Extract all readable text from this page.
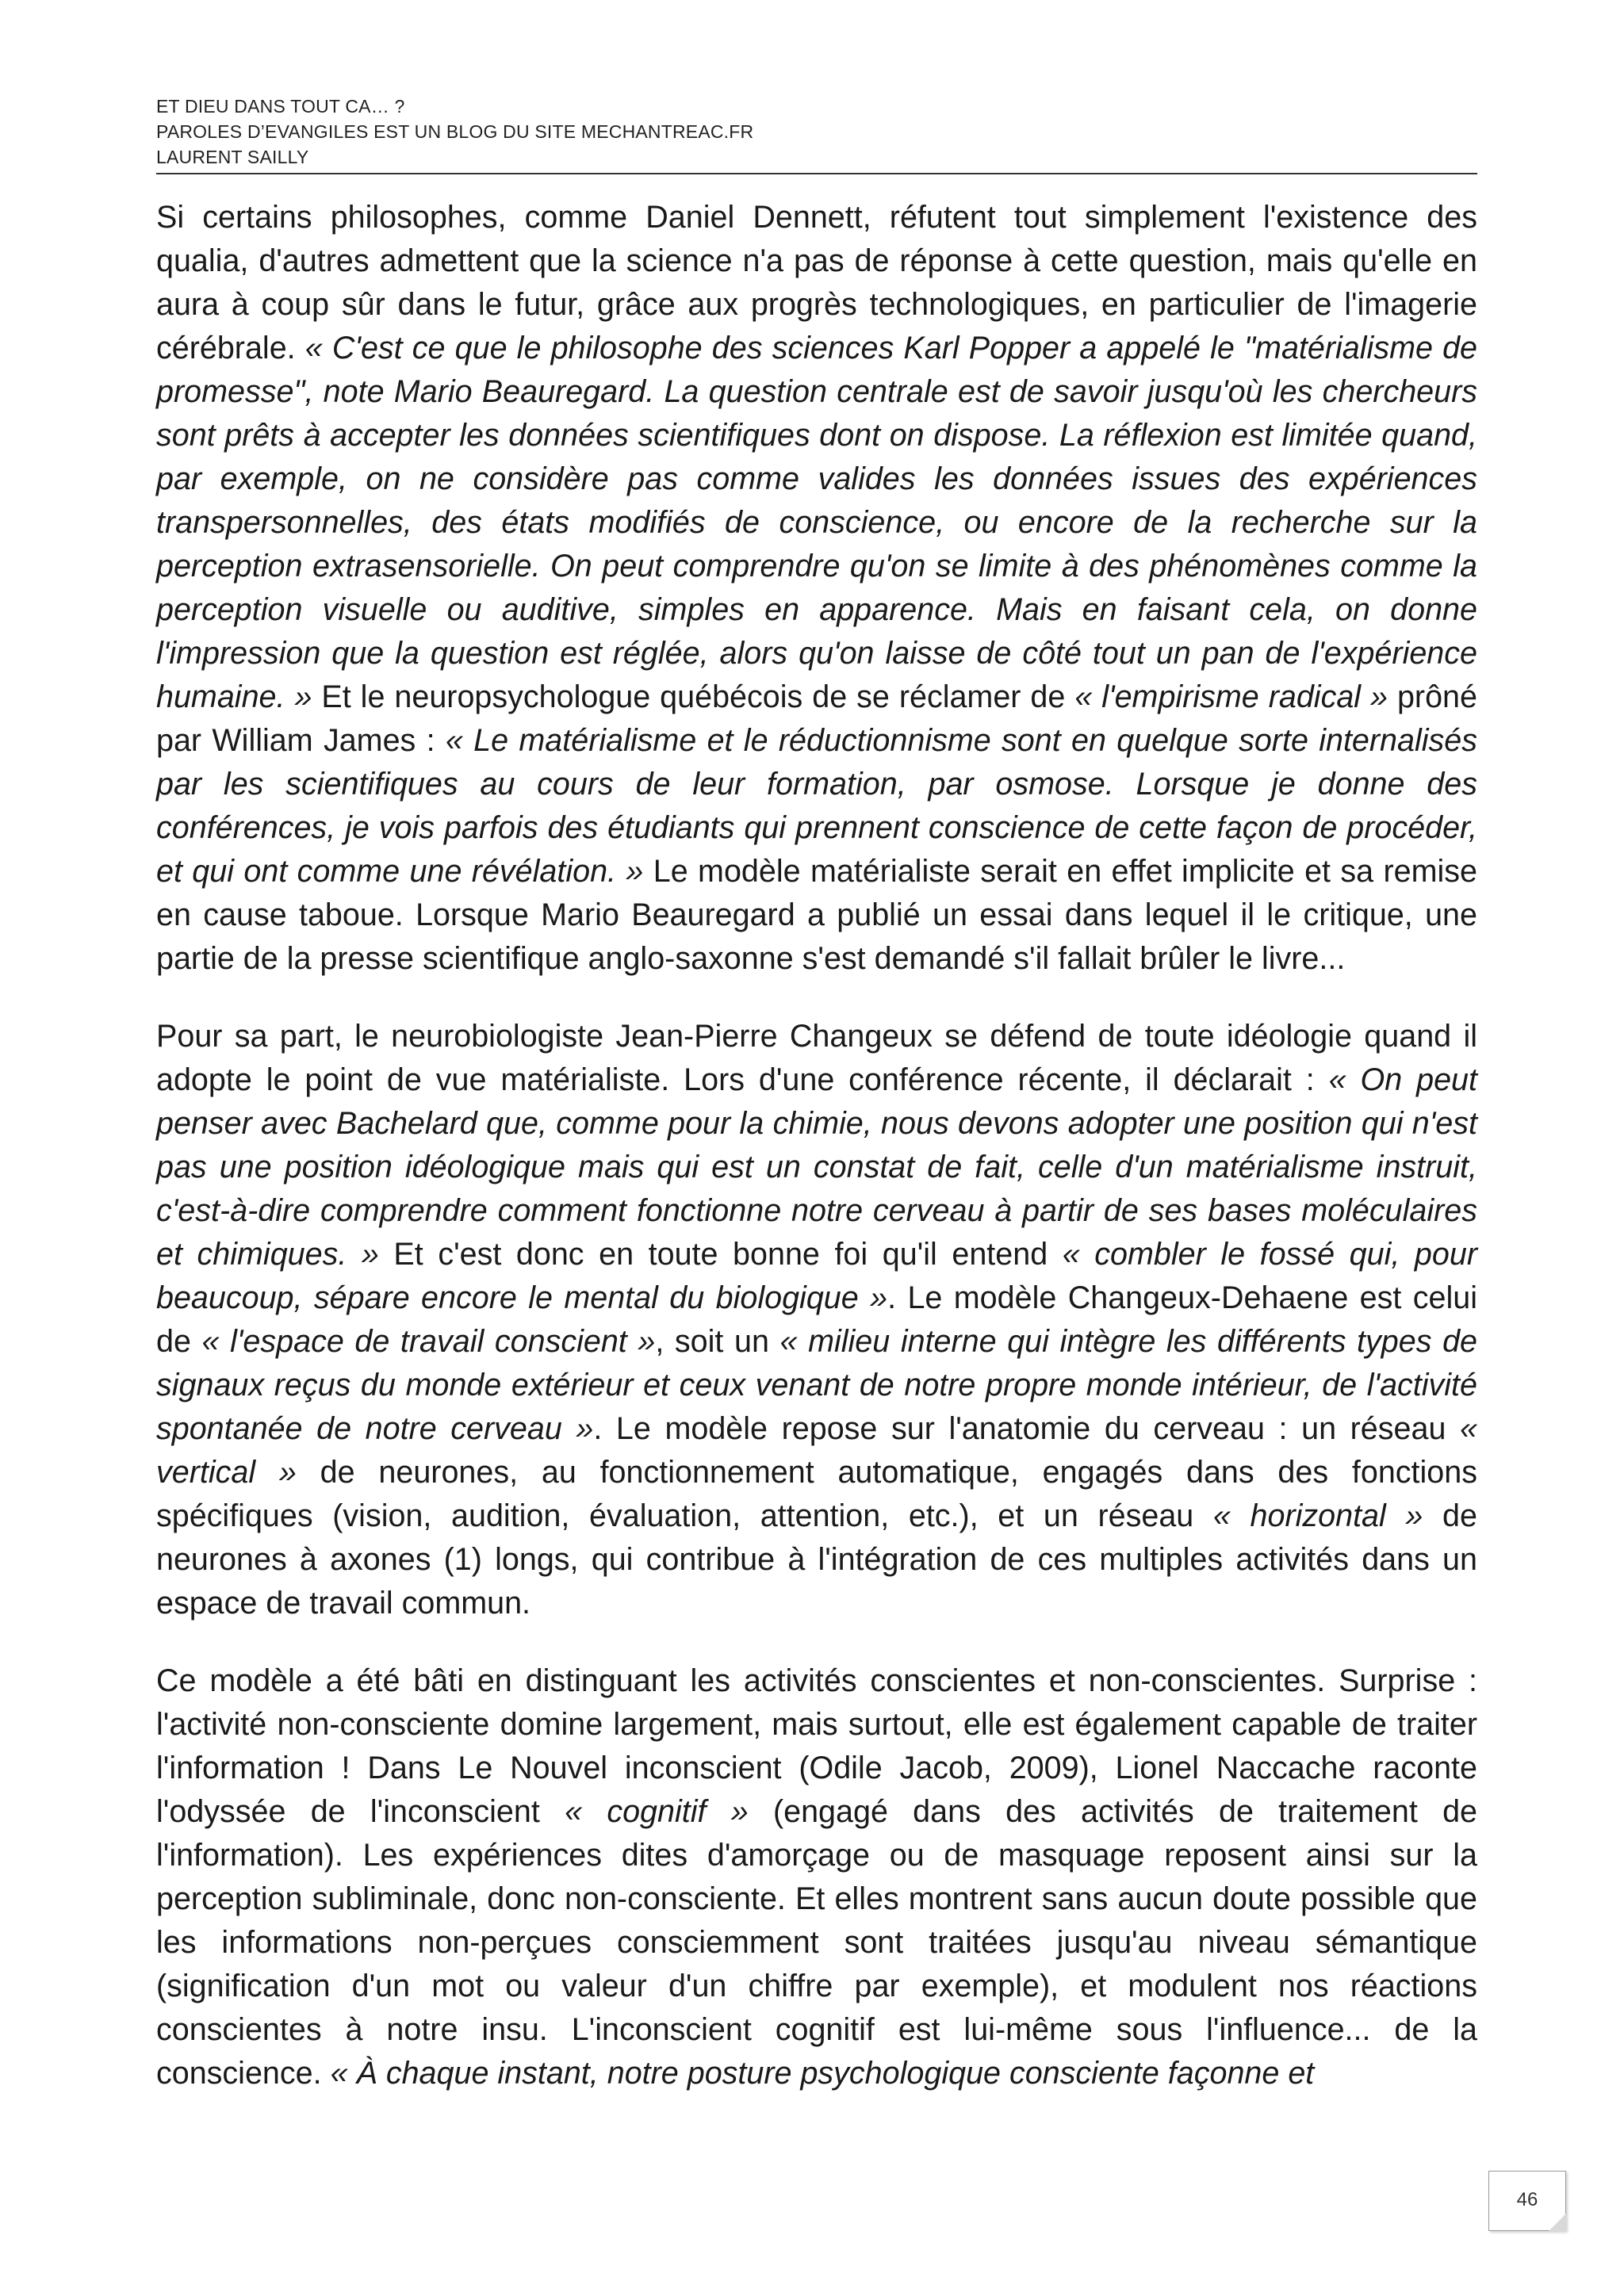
ET DIEU DANS TOUT CA… ?
PAROLES D’EVANGILES EST UN BLOG DU SITE MECHANTREAC.FR
LAURENT SAILLY

Si certains philosophes, comme Daniel Dennett, réfutent tout simplement l'existence des qualia, d'autres admettent que la science n'a pas de réponse à cette question, mais qu'elle en aura à coup sûr dans le futur, grâce aux progrès technologiques, en particulier de l'imagerie cérébrale. « C'est ce que le philosophe des sciences Karl Popper a appelé le "matérialisme de promesse", note Mario Beauregard. La question centrale est de savoir jusqu'où les chercheurs sont prêts à accepter les données scientifiques dont on dispose. La réflexion est limitée quand, par exemple, on ne considère pas comme valides les données issues des expériences transpersonnelles, des états modifiés de conscience, ou encore de la recherche sur la perception extrasensorielle. On peut comprendre qu'on se limite à des phénomènes comme la perception visuelle ou auditive, simples en apparence. Mais en faisant cela, on donne l'impression que la question est réglée, alors qu'on laisse de côté tout un pan de l'expérience humaine. » Et le neuropsychologue québécois de se réclamer de « l'empirisme radical » prôné par William James : « Le matérialisme et le réductionnisme sont en quelque sorte internalisés par les scientifiques au cours de leur formation, par osmose. Lorsque je donne des conférences, je vois parfois des étudiants qui prennent conscience de cette façon de procéder, et qui ont comme une révélation. » Le modèle matérialiste serait en effet implicite et sa remise en cause taboue. Lorsque Mario Beauregard a publié un essai dans lequel il le critique, une partie de la presse scientifique anglo-saxonne s'est demandé s'il fallait brûler le livre...

Pour sa part, le neurobiologiste Jean-Pierre Changeux se défend de toute idéologie quand il adopte le point de vue matérialiste. Lors d'une conférence récente, il déclarait : « On peut penser avec Bachelard que, comme pour la chimie, nous devons adopter une position qui n'est pas une position idéologique mais qui est un constat de fait, celle d'un matérialisme instruit, c'est-à-dire comprendre comment fonctionne notre cerveau à partir de ses bases moléculaires et chimiques. » Et c'est donc en toute bonne foi qu'il entend « combler le fossé qui, pour beaucoup, sépare encore le mental du biologique ». Le modèle Changeux-Dehaene est celui de « l'espace de travail conscient », soit un « milieu interne qui intègre les différents types de signaux reçus du monde extérieur et ceux venant de notre propre monde intérieur, de l'activité spontanée de notre cerveau ». Le modèle repose sur l'anatomie du cerveau : un réseau « vertical » de neurones, au fonctionnement automatique, engagés dans des fonctions spécifiques (vision, audition, évaluation, attention, etc.), et un réseau « horizontal » de neurones à axones (1) longs, qui contribue à l'intégration de ces multiples activités dans un espace de travail commun.

Ce modèle a été bâti en distinguant les activités conscientes et non-conscientes. Surprise : l'activité non-consciente domine largement, mais surtout, elle est également capable de traiter l'information ! Dans Le Nouvel inconscient (Odile Jacob, 2009), Lionel Naccache raconte l'odyssée de l'inconscient « cognitif » (engagé dans des activités de traitement de l'information). Les expériences dites d'amorçage ou de masquage reposent ainsi sur la perception subliminale, donc non-consciente. Et elles montrent sans aucun doute possible que les informations non-perçues consciemment sont traitées jusqu'au niveau sémantique (signification d'un mot ou valeur d'un chiffre par exemple), et modulent nos réactions conscientes à notre insu. L'inconscient cognitif est lui-même sous l'influence... de la conscience. « À chaque instant, notre posture psychologique consciente façonne et

46
